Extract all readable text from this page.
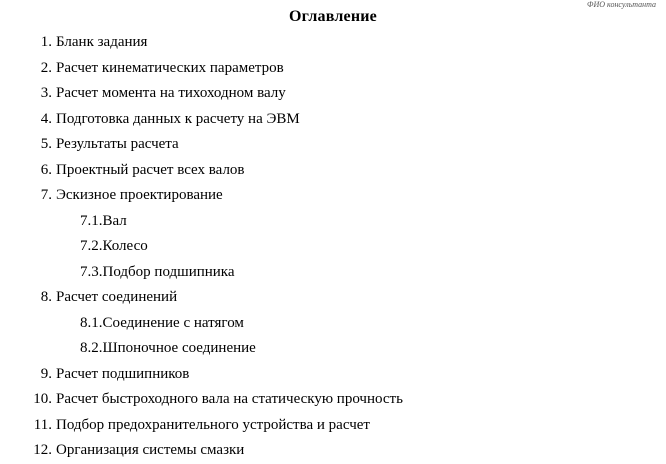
ФИО консультанта
Оглавление
1. Бланк задания
2. Расчет кинематических параметров
3. Расчет момента на тихоходном валу
4. Подготовка данных к расчету на ЭВМ
5. Результаты расчета
6. Проектный расчет всех валов
7. Эскизное проектирование
7.1. Вал
7.2. Колесо
7.3. Подбор подшипника
8. Расчет соединений
8.1. Соединение с натягом
8.2. Шпоночное соединение
9. Расчет подшипников
10. Расчет быстроходного вала на статическую прочность
11. Подбор предохранительного устройства и расчет
12. Организация системы смазки
